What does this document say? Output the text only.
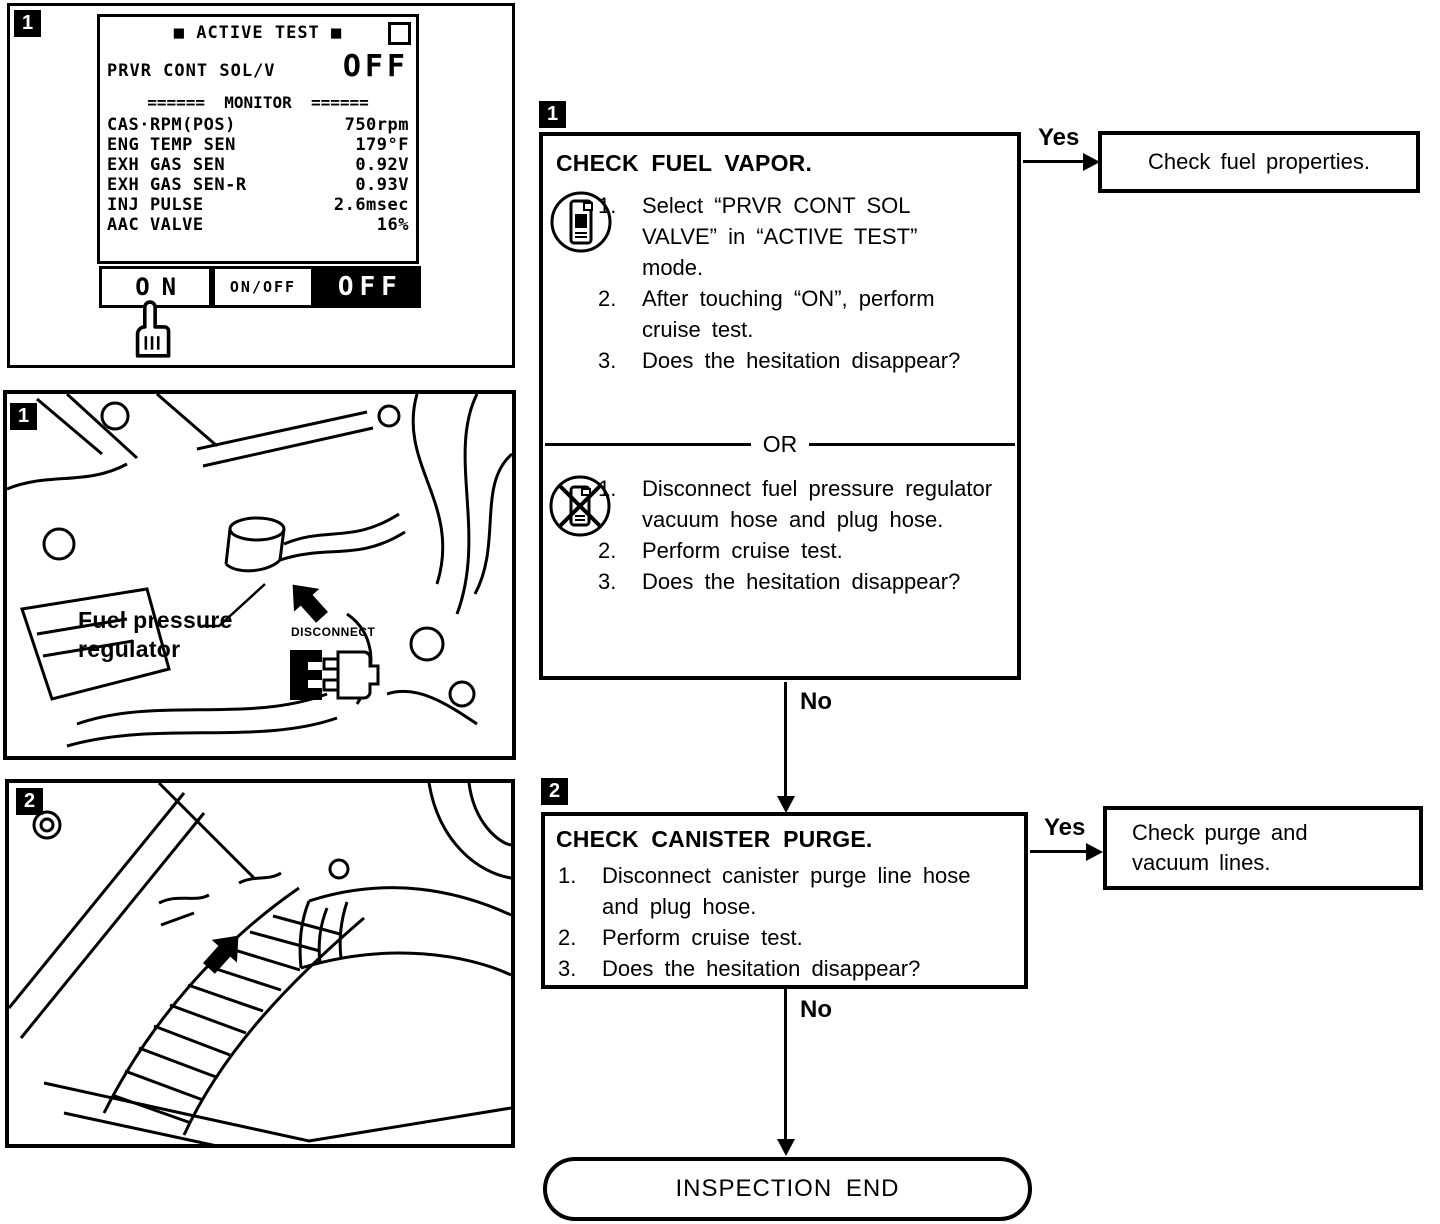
1	■ ACTIVE TEST ■
PRVR CONT SOL/V OFF
======  MONITOR  ======
CAS·RPM(POS)	750rpm
ENG TEMP SEN	179°F
EXH GAS SEN	0.92V
EXH GAS SEN-R	0.93V
INJ PULSE	2.6msec
AAC VALVE	16%
ON	ON/OFF	OFF
1
Fuel pressure
regulator
DISCONNECT
2
1
CHECK FUEL VAPOR.
1.	Select “PRVR CONT SOL VALVE” in “ACTIVE TEST” mode.
2.	After touching “ON”, perform cruise test.
3.	Does the hesitation disappear?
OR
1.	Disconnect fuel pressure regulator vacuum hose and plug hose.
2.	Perform cruise test.
3.	Does the hesitation disappear?
Yes
Check fuel properties.
No
2
CHECK CANISTER PURGE.
1.	Disconnect canister purge line hose and plug hose.
2.	Perform cruise test.
3.	Does the hesitation disappear?
Yes Check purge and vacuum lines.
No
INSPECTION END
